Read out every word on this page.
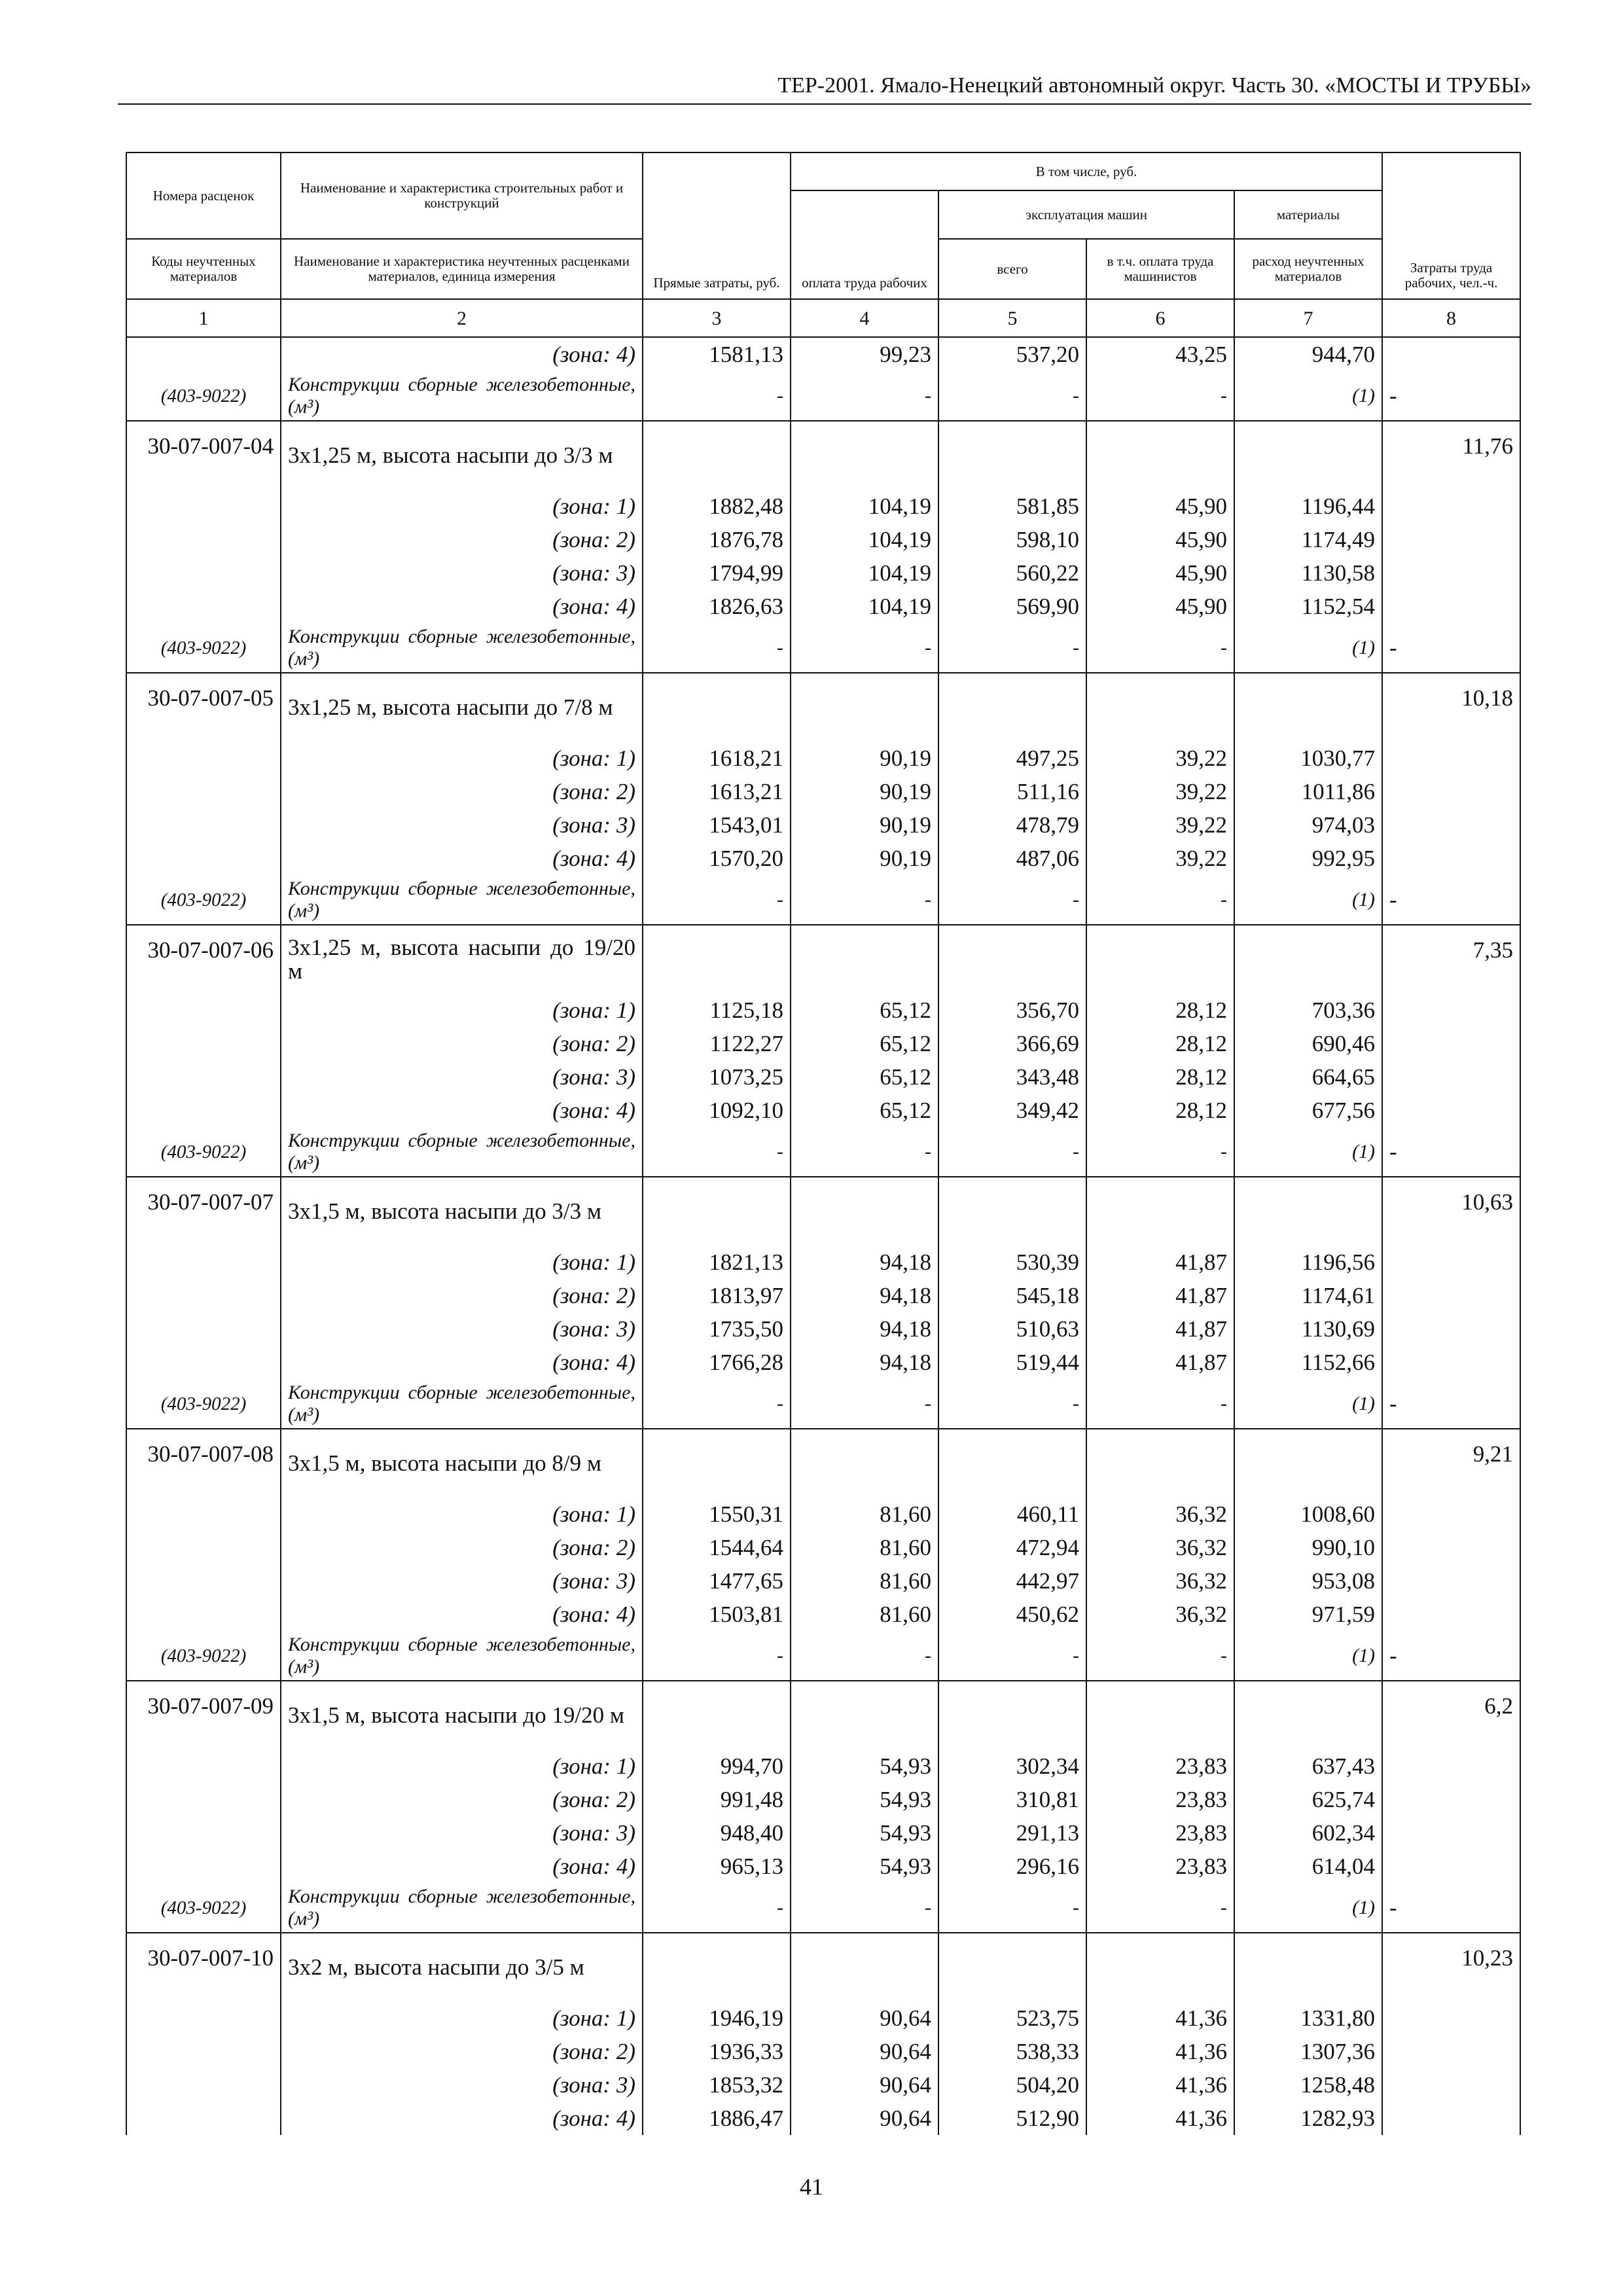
ТЕР-2001. Ямало-Ненецкий автономный округ. Часть 30. «МОСТЫ И ТРУБЫ»
Номера расценок	Наименование и характеристика строительных работ и конструкций	Прямые затраты, руб.	В том числе, руб.				Затраты труда рабочих, чел.-ч.
			оплата труда рабочих	эксплуатация машин		материалы	
Коды неучтенных материалов	Наименование и характеристика неучтенных расценками материалов, единица измерения			всего	в т.ч. оплата труда машинистов	расход неучтенных материалов	
1	2	3	4	5	6	7	8
	(зона: 4)	1581,13	99,23	537,20	43,25	944,70	
(403-9022)	Конструкции сборные железобетонные, (м³)	-	-	-	-	(1)	-
30-07-007-04	3х1,25 м, высота насыпи до 3/3 м						11,76
	(зона: 1)	1882,48	104,19	581,85	45,90	1196,44	
	(зона: 2)	1876,78	104,19	598,10	45,90	1174,49	
	(зона: 3)	1794,99	104,19	560,22	45,90	1130,58	
	(зона: 4)	1826,63	104,19	569,90	45,90	1152,54	
(403-9022)	Конструкции сборные железобетонные, (м³)	-	-	-	-	(1)	-
30-07-007-05	3х1,25 м, высота насыпи до 7/8 м						10,18
	(зона: 1)	1618,21	90,19	497,25	39,22	1030,77	
	(зона: 2)	1613,21	90,19	511,16	39,22	1011,86	
	(зона: 3)	1543,01	90,19	478,79	39,22	974,03	
	(зона: 4)	1570,20	90,19	487,06	39,22	992,95	
(403-9022)	Конструкции сборные железобетонные, (м³)	-	-	-	-	(1)	-
30-07-007-06	3х1,25 м, высота насыпи до 19/20 м						7,35
	(зона: 1)	1125,18	65,12	356,70	28,12	703,36	
	(зона: 2)	1122,27	65,12	366,69	28,12	690,46	
	(зона: 3)	1073,25	65,12	343,48	28,12	664,65	
	(зона: 4)	1092,10	65,12	349,42	28,12	677,56	
(403-9022)	Конструкции сборные железобетонные, (м³)	-	-	-	-	(1)	-
30-07-007-07	3х1,5 м, высота насыпи до 3/3 м						10,63
	(зона: 1)	1821,13	94,18	530,39	41,87	1196,56	
	(зона: 2)	1813,97	94,18	545,18	41,87	1174,61	
	(зона: 3)	1735,50	94,18	510,63	41,87	1130,69	
	(зона: 4)	1766,28	94,18	519,44	41,87	1152,66	
(403-9022)	Конструкции сборные железобетонные, (м³)	-	-	-	-	(1)	-
30-07-007-08	3х1,5 м, высота насыпи до 8/9 м						9,21
	(зона: 1)	1550,31	81,60	460,11	36,32	1008,60	
	(зона: 2)	1544,64	81,60	472,94	36,32	990,10	
	(зона: 3)	1477,65	81,60	442,97	36,32	953,08	
	(зона: 4)	1503,81	81,60	450,62	36,32	971,59	
(403-9022)	Конструкции сборные железобетонные, (м³)	-	-	-	-	(1)	-
30-07-007-09	3х1,5 м, высота насыпи до 19/20 м						6,2
	(зона: 1)	994,70	54,93	302,34	23,83	637,43	
	(зона: 2)	991,48	54,93	310,81	23,83	625,74	
	(зона: 3)	948,40	54,93	291,13	23,83	602,34	
	(зона: 4)	965,13	54,93	296,16	23,83	614,04	
(403-9022)	Конструкции сборные железобетонные, (м³)	-	-	-	-	(1)	-
30-07-007-10	3х2 м, высота насыпи до 3/5 м						10,23
	(зона: 1)	1946,19	90,64	523,75	41,36	1331,80	
	(зона: 2)	1936,33	90,64	538,33	41,36	1307,36	
	(зона: 3)	1853,32	90,64	504,20	41,36	1258,48	
	(зона: 4)	1886,47	90,64	512,90	41,36	1282,93	
41
